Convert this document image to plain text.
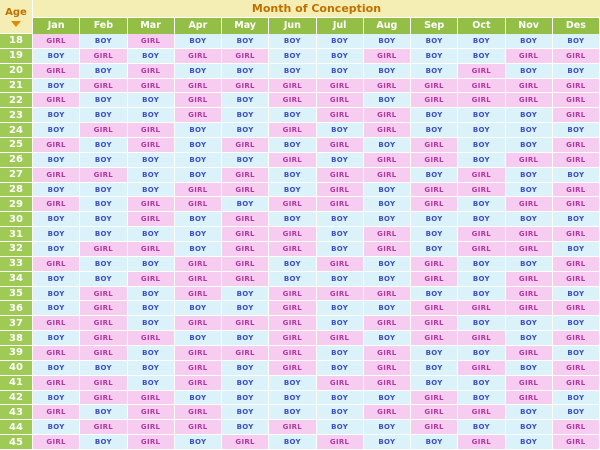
Age	Month of Conception
Jan	Feb	Mar	Apr	May	Jun	Jul	Aug	Sep	Oct	Nov	Des
18	GIRL	BOY	GIRL	BOY	BOY	BOY	BOY	BOY	BOY	BOY	BOY	BOY
19	BOY	GIRL	BOY	GIRL	GIRL	BOY	BOY	GIRL	BOY	BOY	GIRL	GIRL
20	GIRL	BOY	GIRL	BOY	BOY	BOY	BOY	BOY	BOY	GIRL	BOY	BOY
21	BOY	GIRL	GIRL	GIRL	GIRL	GIRL	GIRL	GIRL	GIRL	GIRL	GIRL	GIRL
22	GIRL	BOY	BOY	GIRL	BOY	GIRL	GIRL	BOY	GIRL	GIRL	GIRL	GIRL
23	BOY	BOY	BOY	GIRL	BOY	BOY	GIRL	GIRL	BOY	BOY	BOY	GIRL
24	BOY	GIRL	GIRL	BOY	BOY	GIRL	BOY	GIRL	BOY	BOY	BOY	BOY
25	GIRL	BOY	GIRL	BOY	GIRL	BOY	GIRL	BOY	GIRL	BOY	BOY	GIRL
26	BOY	BOY	BOY	BOY	BOY	GIRL	BOY	GIRL	GIRL	BOY	GIRL	GIRL
27	GIRL	GIRL	BOY	BOY	GIRL	BOY	GIRL	GIRL	BOY	GIRL	BOY	BOY
28	BOY	BOY	BOY	GIRL	GIRL	BOY	GIRL	BOY	GIRL	GIRL	BOY	GIRL
29	GIRL	BOY	GIRL	GIRL	BOY	GIRL	GIRL	BOY	GIRL	BOY	GIRL	GIRL
30	BOY	BOY	GIRL	BOY	GIRL	BOY	BOY	BOY	BOY	BOY	BOY	BOY
31	BOY	BOY	BOY	BOY	GIRL	GIRL	BOY	GIRL	BOY	GIRL	GIRL	GIRL
32	BOY	GIRL	GIRL	BOY	GIRL	GIRL	BOY	GIRL	BOY	GIRL	GIRL	BOY
33	GIRL	BOY	BOY	GIRL	GIRL	BOY	GIRL	BOY	GIRL	BOY	BOY	GIRL
34	BOY	BOY	GIRL	GIRL	GIRL	BOY	BOY	BOY	GIRL	BOY	GIRL	GIRL
35	BOY	GIRL	BOY	GIRL	BOY	GIRL	GIRL	GIRL	BOY	BOY	GIRL	BOY
36	BOY	GIRL	BOY	BOY	BOY	GIRL	BOY	BOY	GIRL	GIRL	GIRL	GIRL
37	GIRL	GIRL	BOY	GIRL	GIRL	GIRL	BOY	GIRL	GIRL	BOY	BOY	BOY
38	BOY	GIRL	GIRL	BOY	BOY	GIRL	GIRL	BOY	GIRL	GIRL	BOY	GIRL
39	GIRL	GIRL	BOY	GIRL	GIRL	GIRL	BOY	GIRL	BOY	BOY	GIRL	BOY
40	BOY	BOY	BOY	GIRL	BOY	GIRL	BOY	GIRL	BOY	GIRL	BOY	GIRL
41	GIRL	GIRL	BOY	GIRL	BOY	BOY	GIRL	GIRL	BOY	BOY	GIRL	GIRL
42	BOY	GIRL	GIRL	BOY	BOY	BOY	BOY	BOY	GIRL	BOY	GIRL	BOY
43	GIRL	BOY	GIRL	GIRL	BOY	BOY	BOY	GIRL	GIRL	GIRL	BOY	BOY
44	BOY	GIRL	GIRL	GIRL	BOY	GIRL	BOY	BOY	GIRL	BOY	BOY	GIRL
45	GIRL	BOY	GIRL	BOY	GIRL	BOY	GIRL	BOY	BOY	GIRL	BOY	GIRL
